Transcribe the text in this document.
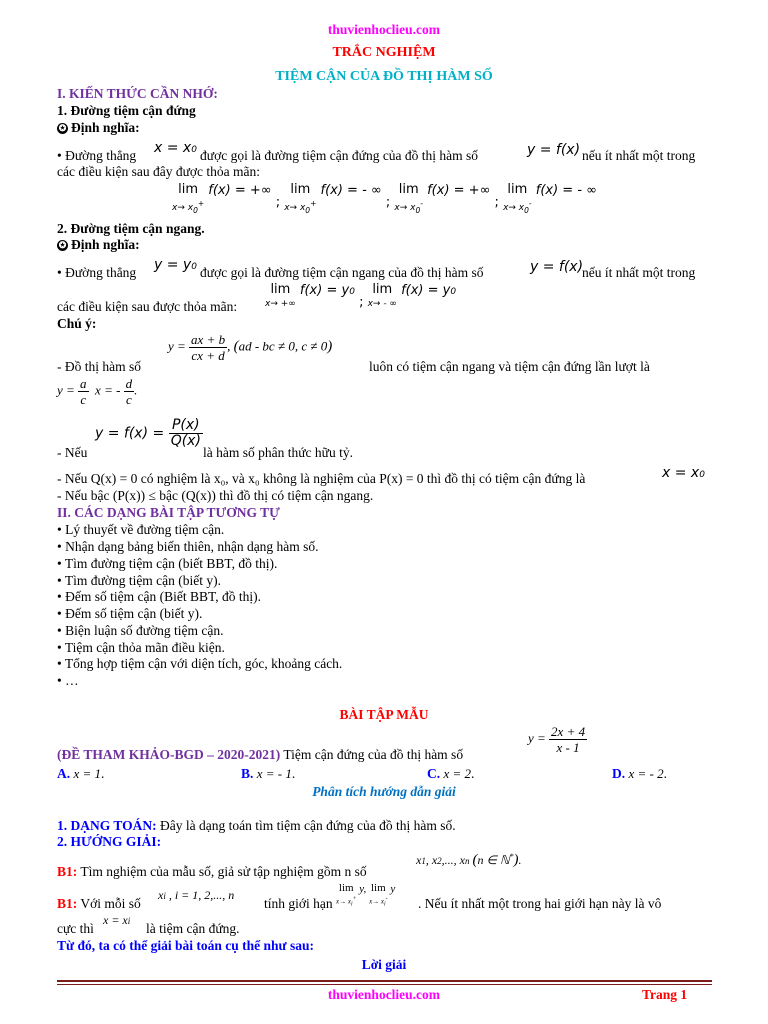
thuvienhoclieu.com
TRẮC NGHIỆM
TIỆM CẬN CỦA ĐỒ THỊ HÀM SỐ
I. KIẾN THỨC CẦN NHỚ:
1. Đường tiệm cận đứng
✪ Định nghĩa:
• Đường thẳng x = x0 được gọi là đường tiệm cận đứng của đồ thị hàm số	y = f(x) nếu ít nhất một trong
các điều kiện sau đây được thỏa mãn:
lim
$x\to x_0^+$
f(x) = +∞ ;
lim
$x\to x_0^+$
f(x) = - ∞ ;
lim
$x\to x_0^-$
f(x) = +∞ ;
lim
$x\to x_0^-$
f(x) = - ∞
2. Đường tiệm cận ngang.
✪ Định nghĩa:
• Đường thẳng y = y0 được gọi là đường tiệm cận ngang của đồ thị hàm số	y = f(x)
nếu ít nhất một trong
các điều kiện sau được thỏa mãn:
lim
x→ +∞
f(x) = y0 ;
lim
x→ - ∞
f(x) = y0
Chú ý:
- Đồ thị hàm số
$y = \frac{ax + b}{cx + d}$ , (ad - bc ≠ 0, c ≠ 0)
luôn có tiệm cận ngang và tiệm cận đứng lần lượt là
$y = \frac{a}{c}$ x = - $\frac{d}{c}$ .
- Nếu
$y = f(x) = \frac{P(x)}{Q(x)}$
là hàm số phân thức hữu tỷ.
- Nếu Q(x) = 0 có nghiệm là x₀, và x₀ không là nghiệm của P(x) = 0 thì đồ thị có tiệm cận đứng là	x = x0
- Nếu bậc (P(x)) ≤ bậc (Q(x)) thì đồ thị có tiệm cận ngang.
II. CÁC DẠNG BÀI TẬP TƯƠNG TỰ
• Lý thuyết về đường tiệm cận.
• Nhận dạng bảng biến thiên, nhận dạng hàm số.
• Tìm đường tiệm cận (biết BBT, đồ thị).
• Tìm đường tiệm cận (biết y).
• Đếm số tiệm cận (Biết BBT, đồ thị).
• Đếm số tiệm cận (biết y).
• Biện luận số đường tiệm cận.
• Tiệm cận thỏa mãn điều kiện.
• Tổng hợp tiệm cận với diện tích, góc, khoảng cách.
• …
BÀI TẬP MẪU
(ĐỀ THAM KHẢO-BGD – 2020-2021) Tiệm cận đứng của đồ thị hàm số
$y = \frac{2x + 4}{x - 1}$
A. x = 1.	B. x = - 1.	C. x = 2.	D. x = - 2.
Phân tích hướng dẫn giải
1. DẠNG TOÁN: Đây là dạng toán tìm tiệm cận đứng của đồ thị hàm số.
2. HƯỚNG GIẢI:
B1: Tìm nghiệm của mẫu số, giả sử tập nghiệm gồm n số
x1, x2,..., xn (n ∈ ℕ*).
B1: Với mỗi số
xi , i = 1, 2,..., n
tính giới hạn
lim
$x\to x_i^+$
y, lim
$x\to x_i^-$
y
. Nếu ít nhất một trong hai giới hạn này là vô
cực thì
x = xi là tiệm cận đứng.
Từ đó, ta có thể giải bài toán cụ thể như sau:
Lời giải
thuvienhoclieu.com	Trang 1
